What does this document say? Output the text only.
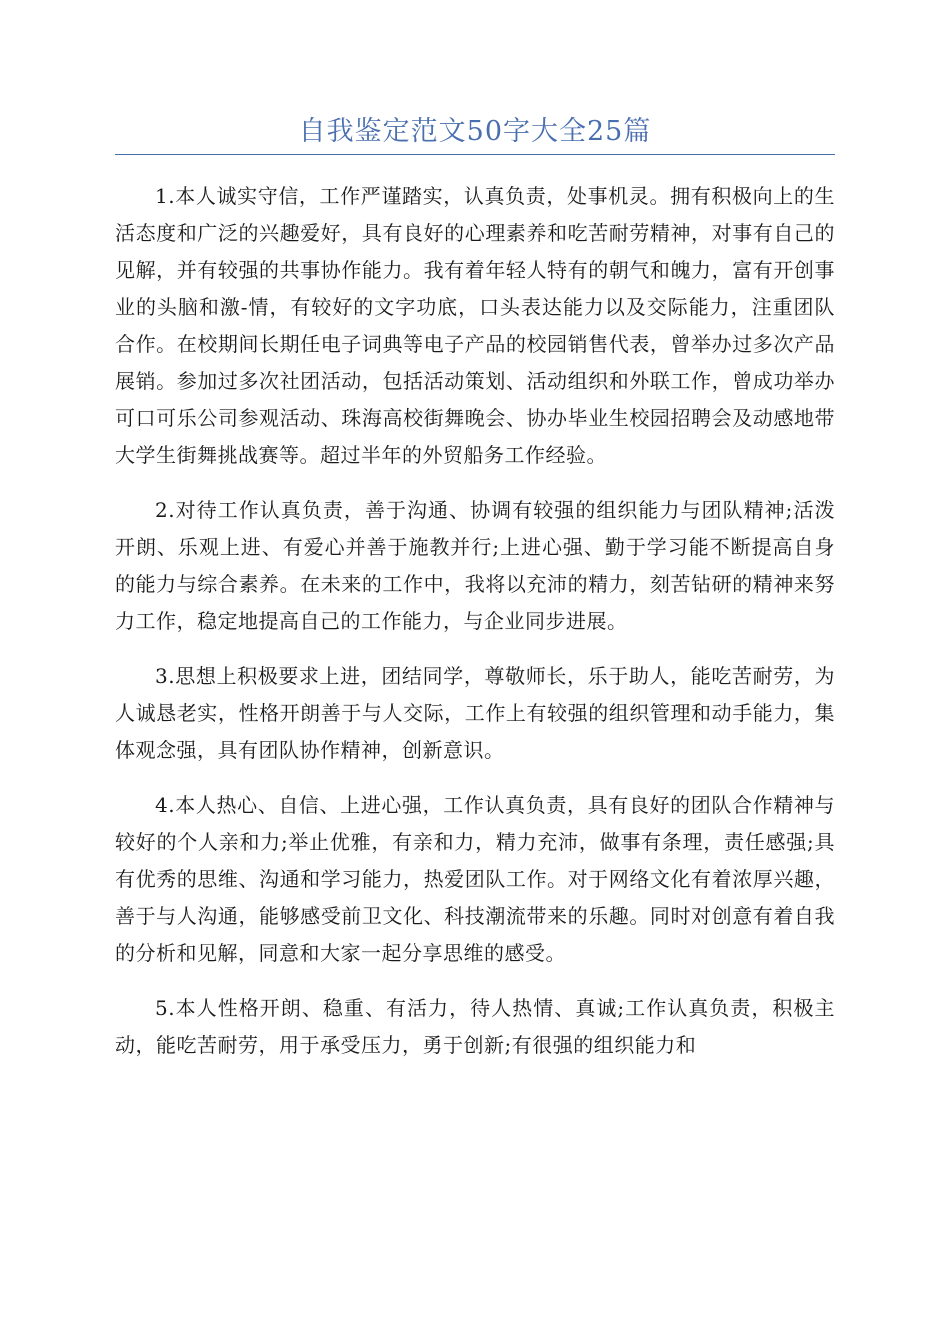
自我鉴定范文50字大全25篇

1.本人诚实守信，工作严谨踏实，认真负责，处事机灵。拥有积极向上的生活态度和广泛的兴趣爱好，具有良好的心理素养和吃苦耐劳精神，对事有自己的见解，并有较强的共事协作能力。我有着年轻人特有的朝气和魄力，富有开创事业的头脑和激-情，有较好的文字功底，口头表达能力以及交际能力，注重团队合作。在校期间长期任电子词典等电子产品的校园销售代表，曾举办过多次产品展销。参加过多次社团活动，包括活动策划、活动组织和外联工作，曾成功举办可口可乐公司参观活动、珠海高校街舞晚会、协办毕业生校园招聘会及动感地带大学生街舞挑战赛等。超过半年的外贸船务工作经验。

2.对待工作认真负责，善于沟通、协调有较强的组织能力与团队精神;活泼开朗、乐观上进、有爱心并善于施教并行;上进心强、勤于学习能不断提高自身的能力与综合素养。在未来的工作中，我将以充沛的精力，刻苦钻研的精神来努力工作，稳定地提高自己的工作能力，与企业同步进展。

3.思想上积极要求上进，团结同学，尊敬师长，乐于助人，能吃苦耐劳，为人诚恳老实，性格开朗善于与人交际，工作上有较强的组织管理和动手能力，集体观念强，具有团队协作精神，创新意识。

4.本人热心、自信、上进心强，工作认真负责，具有良好的团队合作精神与较好的个人亲和力;举止优雅，有亲和力，精力充沛，做事有条理，责任感强;具有优秀的思维、沟通和学习能力，热爱团队工作。对于网络文化有着浓厚兴趣，善于与人沟通，能够感受前卫文化、科技潮流带来的乐趣。同时对创意有着自我的分析和见解，同意和大家一起分享思维的感受。

5.本人性格开朗、稳重、有活力，待人热情、真诚;工作认真负责，积极主动，能吃苦耐劳，用于承受压力，勇于创新;有很强的组织能力和
